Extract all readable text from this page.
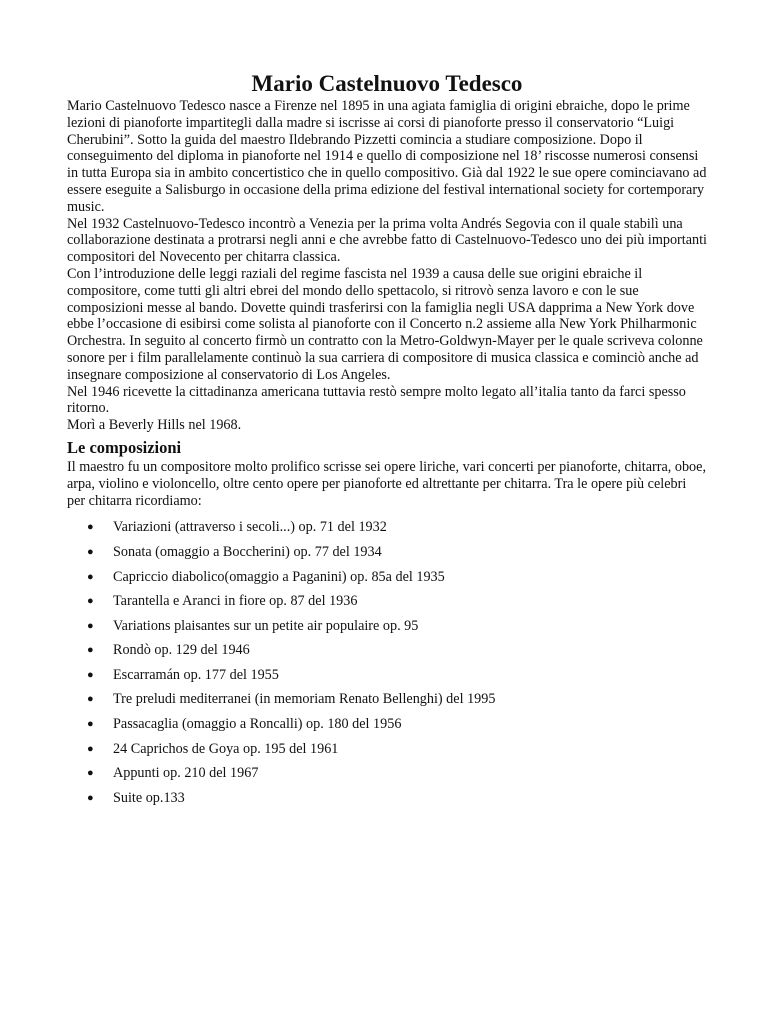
Mario Castelnuovo Tedesco

Mario Castelnuovo Tedesco nasce a Firenze nel 1895 in una agiata famiglia di origini ebraiche, dopo le prime lezioni di pianoforte impartitegli dalla madre si iscrisse ai corsi di pianoforte presso il conservatorio “Luigi Cherubini”. Sotto la guida del maestro Ildebrando Pizzetti comincia a studiare composizione. Dopo il conseguimento del diploma in pianoforte nel 1914 e quello di composizione nel 18’ riscosse numerosi consensi in tutta Europa sia in ambito concertistico che in quello compositivo. Già dal 1922 le sue opere cominciavano ad essere eseguite a Salisburgo in occasione della prima edizione del festival international society for cortemporary music.

Nel 1932 Castelnuovo-Tedesco incontrò a Venezia per la prima volta Andrés Segovia con il quale stabilì una collaborazione destinata a protrarsi negli anni e che avrebbe fatto di Castelnuovo-Tedesco uno dei più importanti compositori del Novecento per chitarra classica.

Con l’introduzione delle leggi raziali del regime fascista nel 1939 a causa delle sue origini ebraiche il compositore, come tutti gli altri ebrei del mondo dello spettacolo, si ritrovò senza lavoro e con le sue composizioni messe al bando. Dovette quindi trasferirsi con la famiglia negli USA dapprima a New York dove ebbe l’occasione di esibirsi come solista al pianoforte con il Concerto n.2 assieme alla New York Philharmonic Orchestra. In seguito al concerto firmò un contratto con la Metro-Goldwyn-Mayer per le quale scriveva colonne sonore per i film parallelamente continuò la sua carriera di compositore di musica classica e cominciò anche ad insegnare composizione al conservatorio di Los Angeles.

Nel 1946 ricevette la cittadinanza americana tuttavia restò sempre molto legato all’italia tanto da farci spesso ritorno.

Morì a Beverly Hills nel 1968.

Le composizioni

Il maestro fu un compositore molto prolifico scrisse sei opere liriche, vari concerti per pianoforte, chitarra, oboe, arpa, violino e violoncello, oltre cento opere per pianoforte ed altrettante per chitarra. Tra le opere più celebri per chitarra ricordiamo:

● Variazioni (attraverso i secoli...) op. 71 del 1932
● Sonata (omaggio a Boccherini) op. 77 del 1934
● Capriccio diabolico(omaggio a Paganini) op. 85a del 1935
● Tarantella e Aranci in fiore op. 87 del 1936
● Variations plaisantes sur un petite air populaire op. 95
● Rondò op. 129 del 1946
● Escarramán op. 177 del 1955
● Tre preludi mediterranei (in memoriam Renato Bellenghi) del 1995
● Passacaglia (omaggio a Roncalli) op. 180 del 1956
● 24 Caprichos de Goya op. 195 del 1961
● Appunti op. 210 del 1967
● Suite op.133
